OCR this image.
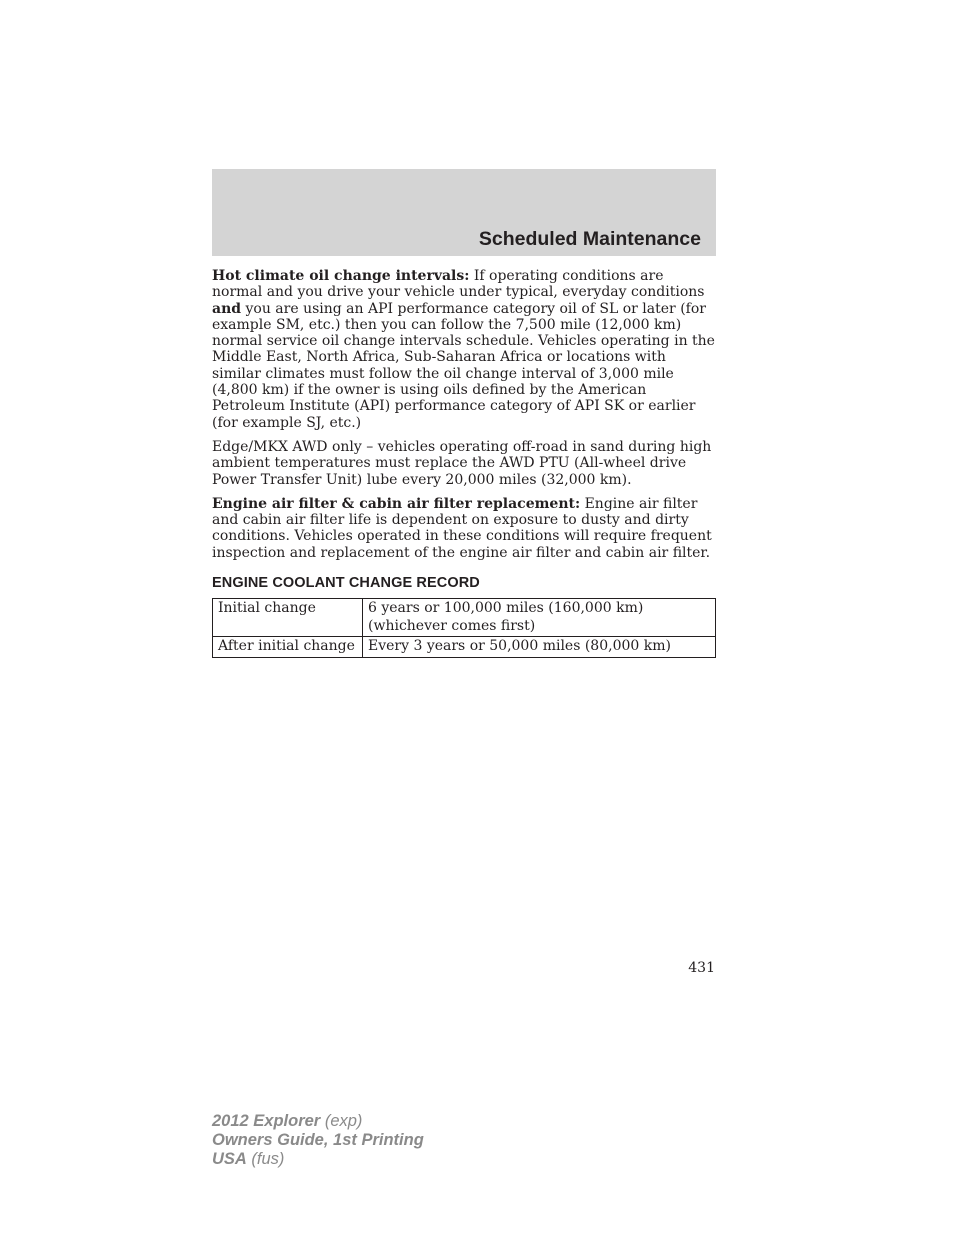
Scheduled Maintenance

Hot climate oil change intervals: If operating conditions are normal and you drive your vehicle under typical, everyday conditions and you are using an API performance category oil of SL or later (for example SM, etc.) then you can follow the 7,500 mile (12,000 km) normal service oil change intervals schedule. Vehicles operating in the Middle East, North Africa, Sub-Saharan Africa or locations with similar climates must follow the oil change interval of 3,000 mile (4,800 km) if the owner is using oils defined by the American Petroleum Institute (API) performance category of API SK or earlier (for example SJ, etc.)

Edge/MKX AWD only – vehicles operating off-road in sand during high ambient temperatures must replace the AWD PTU (All-wheel drive Power Transfer Unit) lube every 20,000 miles (32,000 km).

Engine air filter & cabin air filter replacement: Engine air filter and cabin air filter life is dependent on exposure to dusty and dirty conditions. Vehicles operated in these conditions will require frequent inspection and replacement of the engine air filter and cabin air filter.

ENGINE COOLANT CHANGE RECORD
Initial change	6 years or 100,000 miles (160,000 km) (whichever comes first)
After initial change	Every 3 years or 50,000 miles (80,000 km)
431
2012 Explorer (exp)
Owners Guide, 1st Printing
USA (fus)
